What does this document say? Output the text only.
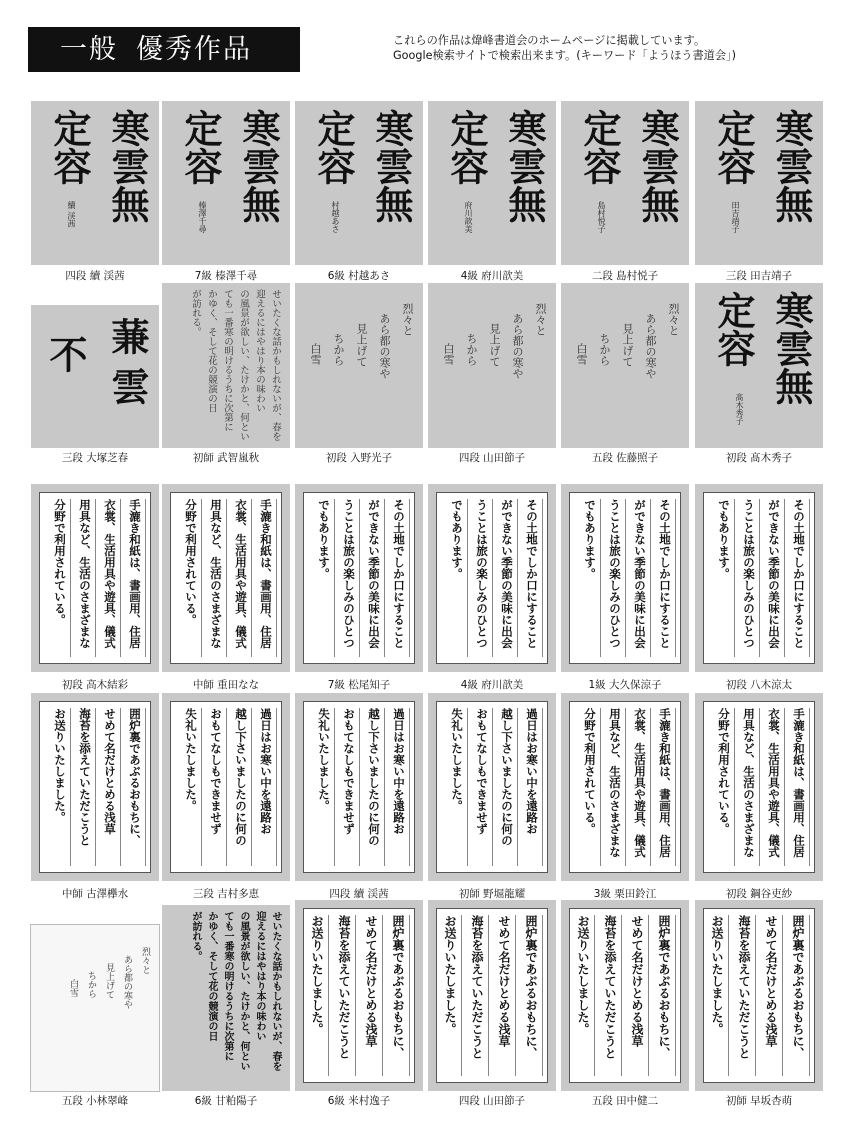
一般 優秀作品	これらの作品は煒峰書道会のホームページに掲載しています。
Google検索サイトで検索出来ます。(キーワード「ようほう書道会」)
寒雲無
定容
續 渓茜
四段 續 渓茜
寒雲無
定容
榛澤千尋
7級 榛澤千尋
寒雲無
定容
村越あさ
6級 村越あさ
寒雲無
定容
府川歆美
4級 府川歆美
寒雲無
定容
島村悦子
二段 島村悦子
寒雲無
定容
田吉靖子
三段 田吉靖子
蒹
雲
不
三段 大塚芝春
せいたくな話かもしれないが、春を
迎えるにはやはり本の味わい
の風景が欲しい、たけかと、何とい
ても一番寒の明けるうちに次第に
かゆく、そして花の競演の日
が訪れる。
初師 武智嵐秋
烈々と
あら都の寒や
見上げて
ちから
白雪
初段 入野光子
烈々と
あら都の寒や
見上げて
ちから
白雪
四段 山田節子
烈々と
あら都の寒や
見上げて
ちから
白雪
五段 佐藤照子
寒雲無
定容
髙木秀子
初段 髙木秀子
手漉き和紙は、書画用、住居
衣裳、生活用具や遊具、儀式
用具など、生活のさまざまな
分野で利用されている。
初段 高木結彩
手漉き和紙は、書画用、住居
衣裳、生活用具や遊具、儀式
用具など、生活のさまざまな
分野で利用されている。
中師 重田なな
その土地でしか口にすること
ができない季節の美味に出会
うことは旅の楽しみのひとつ
でもあります。
7級 松尾知子
その土地でしか口にすること
ができない季節の美味に出会
うことは旅の楽しみのひとつ
でもあります。
4級 府川歆美
その土地でしか口にすること
ができない季節の美味に出会
うことは旅の楽しみのひとつ
でもあります。
1級 大久保涼子
その土地でしか口にすること
ができない季節の美味に出会
うことは旅の楽しみのひとつ
でもあります。
初段 八木涼太
囲炉裏であぶるおもちに、
せめて名だけとめる浅草
海苔を添えていただこうと
お送りいたしました。
中師 古澤欅水
過日はお寒い中を遠路お
越し下さいましたのに何の
おもてなしもできませず
失礼いたしました。
三段 吉村多恵
過日はお寒い中を遠路お
越し下さいましたのに何の
おもてなしもできませず
失礼いたしました。
四段 續 渓茜
過日はお寒い中を遠路お
越し下さいましたのに何の
おもてなしもできませず
失礼いたしました。
初師 野堀龍耀
手漉き和紙は、書画用、住居
衣裳、生活用具や遊具、儀式
用具など、生活のさまざまな
分野で利用されている。
3級 栗田鈴江
手漉き和紙は、書画用、住居
衣裳、生活用具や遊具、儀式
用具など、生活のさまざまな
分野で利用されている。
初段 鋼谷吏紗
烈々と
あら都の寒や
見上げて
ちから
白雪
五段 小林翠峰
せいたくな話かもしれないが、春を
迎えるにはやはり本の味わい
の風景が欲しい、たけかと、何とい
ても一番寒の明けるうちに次第に
かゆく、そして花の競演の日
が訪れる。
6級 甘粕陽子
囲炉裏であぶるおもちに、
せめて名だけとめる浅草
海苔を添えていただこうと
お送りいたしました。
6級 米村逸子
囲炉裏であぶるおもちに、
せめて名だけとめる浅草
海苔を添えていただこうと
お送りいたしました。
四段 山田節子
囲炉裏であぶるおもちに、
せめて名だけとめる浅草
海苔を添えていただこうと
お送りいたしました。
五段 田中健二
囲炉裏であぶるおもちに、
せめて名だけとめる浅草
海苔を添えていただこうと
お送りいたしました。
初師 早坂杏萌
